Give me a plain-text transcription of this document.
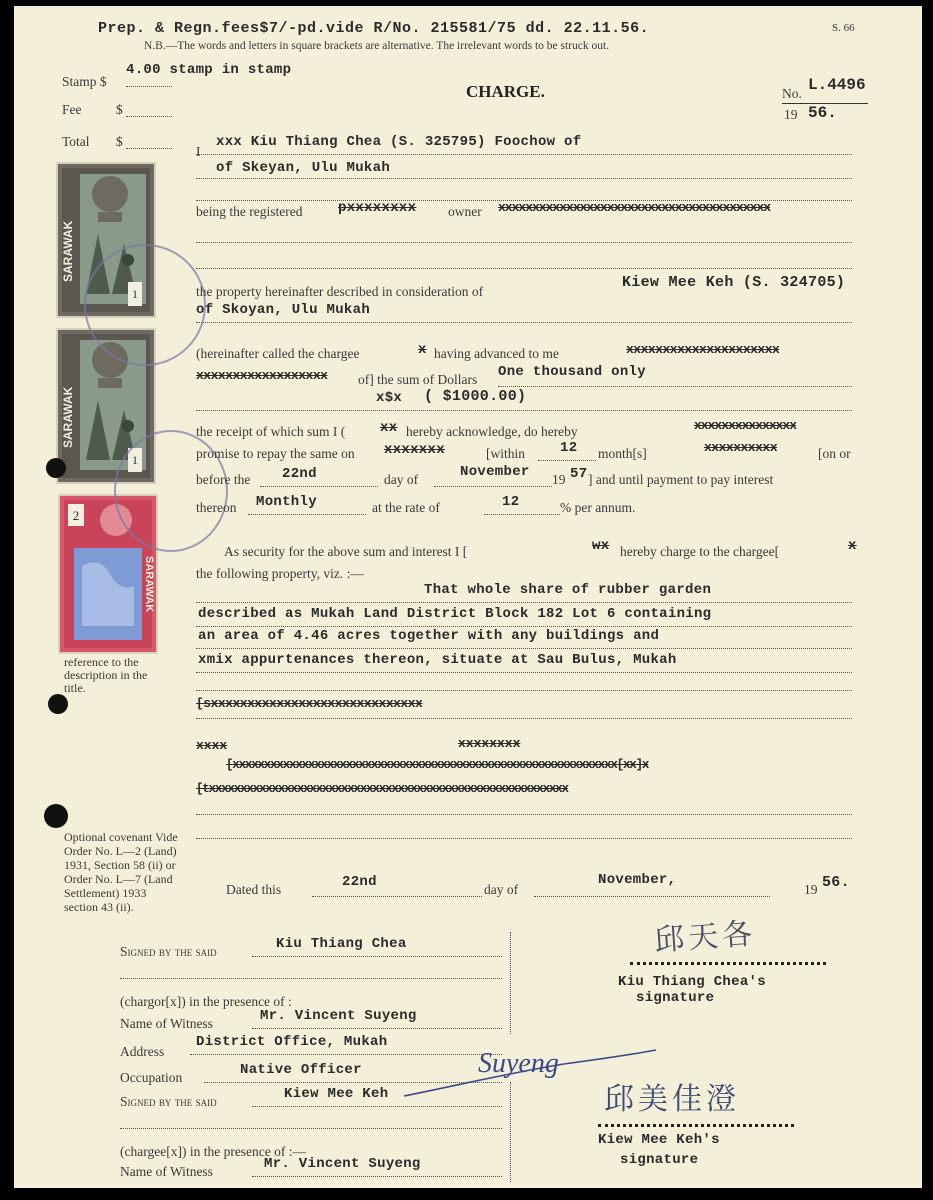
Prep. & Regn.fees$7/-pd.vide R/No. 215581/75 dd. 22.11.56.	S. 66
N.B.—The words and letters in square brackets are alternative. The irrelevant words to be struck out.
Stamp $
4.00 stamp in stamp
Fee	$
Total $
CHARGE.	No. L.4496
19 56.
1
SARAWAK
1
SARAWAK
2
SARAWAK
reference to the description in the title.
Optional covenant Vide Order No. L—2 (Land) 1931, Section 58 (ii) or Order No. L—7 (Land Settlement) 1933 section 43 (ii).
I
xxx Kiu Thiang Chea (S. 325795) Foochow of
of Skeyan, Ulu Mukah
being the registered	pxxxxxxxx owner xxxxxxxxxxxxxxxxxxxxxxxxxxxxxxxxxxxxxxxx
the property hereinafter described in consideration of
Kiew Mee Keh (S. 324705)
of Skoyan, Ulu Mukah
(hereinafter called the chargee	x having advanced to me	xxxxxxxxxxxxxxxxxxxxx
xxxxxxxxxxxxxxxxxx of] the sum of Dollars One thousand only
x$x ( $1000.00)
the receipt of which sum I ( xx hereby acknowledge, do hereby	xxxxxxxxxxxxxxx
promise to repay the same on xxxxxxx	[within	12 month[s]	xxxxxxxxxx	[on or
before the 22nd	day of	November 19 57 ] and until payment to pay interest
thereon Monthly	at the rate of	12	% per annum.
As security for the above sum and interest I [	wx hereby charge to the chargee[	x
the following property, viz. :—
That whole share of rubber garden
described as Mukah Land District Block 182 Lot 6 containing
an area of 4.46 acres together with any buildings and
xmix appurtenances thereon, situate at Sau Bulus, Mukah
[sxxxxxxxxxxxxxxxxxxxxxxxxxxxxx
xxxx	xxxxxxxx
[xxxxxxxxxxxxxxxxxxxxxxxxxxxxxxxxxxxxxxxxxxxxxxxxxxxxxxxxxxxxx[xx]x
[txxxxxxxxxxxxxxxxxxxxxxxxxxxxxxxxxxxxxxxxxxxxxxxxxxxxxxxxx
Dated this	22nd	day of
November,
19 56.
Signed by the said	Kiu Thiang Chea
(chargor[x]) in the presence of :
Name of Witness	Mr. Vincent Suyeng
Address
District Office, Mukah
Occupation	Native Officer
Signed by the said	Kiew Mee Keh
(chargee[x]) in the presence of :—
Name of Witness	Mr. Vincent Suyeng
Suyeng
邱天各
Kiu Thiang Chea's
signature
邱美佳澄
Kiew Mee Keh's
signature
